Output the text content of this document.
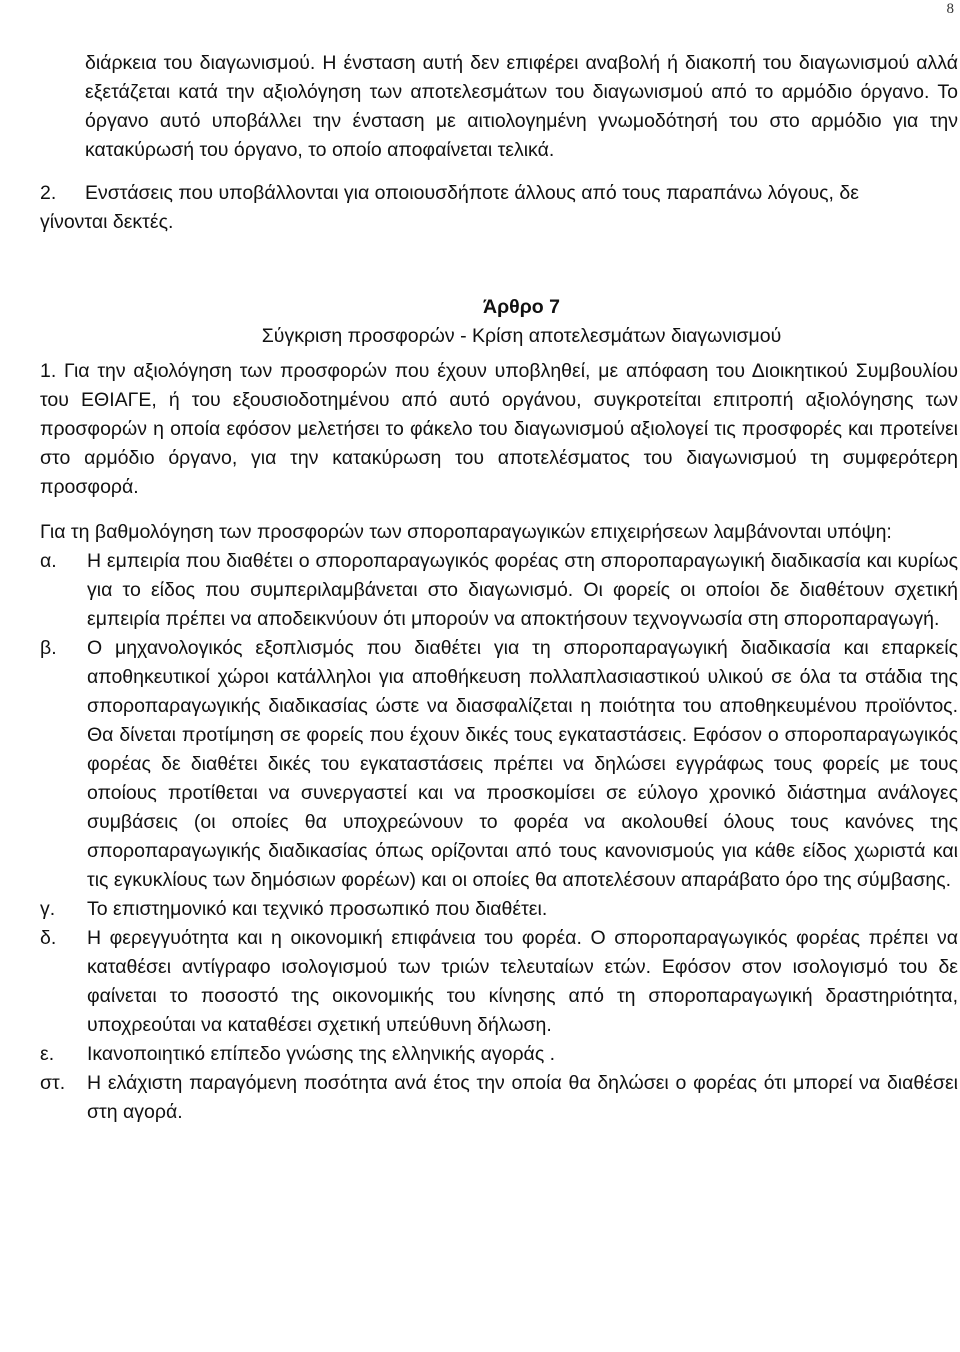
8

διάρκεια του διαγωνισμού. Η ένσταση αυτή δεν επιφέρει αναβολή ή διακοπή του διαγωνισμού αλλά εξετάζεται κατά την αξιολόγηση των αποτελεσμάτων του διαγωνισμού από το αρμόδιο όργανο. Το όργανο αυτό υποβάλλει την ένσταση με αιτιολογημένη γνωμοδότησή του στο αρμόδιο για την κατακύρωσή του όργανο, το οποίο αποφαίνεται τελικά.

2. Ενστάσεις που υποβάλλονται για οποιουσδήποτε άλλους από τους παραπάνω λόγους, δε
γίνονται δεκτές.
Άρθρο 7
Σύγκριση προσφορών - Κρίση αποτελεσμάτων διαγωνισμού
1. Για την αξιολόγηση των προσφορών που έχουν υποβληθεί, με απόφαση του Διοικητικού Συμβουλίου του ΕΘΙΑΓΕ, ή του εξουσιοδοτημένου από αυτό οργάνου, συγκροτείται επιτροπή αξιολόγησης των προσφορών η οποία εφόσον μελετήσει το φάκελο του διαγωνισμού αξιολογεί τις προσφορές και προτείνει στο αρμόδιο όργανο, για την κατακύρωση του αποτελέσματος του διαγωνισμού τη συμφερότερη προσφορά.
Για τη βαθμολόγηση των προσφορών των σποροπαραγωγικών επιχειρήσεων λαμβάνονται υπόψη:
α. Η εμπειρία που διαθέτει ο σποροπαραγωγικός φορέας στη σποροπαραγωγική διαδικασία και κυρίως για το είδος που συμπεριλαμβάνεται στο διαγωνισμό. Οι φορείς οι οποίοι δε διαθέτουν σχετική εμπειρία πρέπει να αποδεικνύουν ότι μπορούν να αποκτήσουν τεχνογνωσία στη σποροπαραγωγή.
β. Ο μηχανολογικός εξοπλισμός που διαθέτει για τη σποροπαραγωγική διαδικασία και επαρκείς αποθηκευτικοί χώροι κατάλληλοι για αποθήκευση πολλαπλασιαστικού υλικού σε όλα τα στάδια της σποροπαραγωγικής διαδικασίας ώστε να διασφαλίζεται η ποιότητα του αποθηκευμένου προϊόντος. Θα δίνεται προτίμηση σε φορείς που έχουν δικές τους εγκαταστάσεις. Εφόσον ο σποροπαραγωγικός φορέας δε διαθέτει δικές του εγκαταστάσεις πρέπει να δηλώσει εγγράφως τους φορείς με τους οποίους προτίθεται να συνεργαστεί και να προσκομίσει σε εύλογο χρονικό διάστημα ανάλογες συμβάσεις (οι οποίες θα υποχρεώνουν το φορέα να ακολουθεί όλους τους κανόνες της σποροπαραγωγικής διαδικασίας όπως ορίζονται από τους κανονισμούς για κάθε είδος χωριστά και τις εγκυκλίους των δημόσιων φορέων) και οι οποίες θα αποτελέσουν απαράβατο όρο της σύμβασης.
γ. Το επιστημονικό και τεχνικό προσωπικό που διαθέτει.
δ. Η φερεγγυότητα και η οικονομική επιφάνεια του φορέα. Ο σποροπαραγωγικός φορέας πρέπει να καταθέσει αντίγραφο ισολογισμού των τριών τελευταίων ετών. Εφόσον στον ισολογισμό του δε φαίνεται το ποσοστό της οικονομικής του κίνησης από τη σποροπαραγωγική δραστηριότητα, υποχρεούται να καταθέσει σχετική υπεύθυνη δήλωση.
ε. Ικανοποιητικό επίπεδο γνώσης της ελληνικής αγοράς .
στ. Η ελάχιστη παραγόμενη ποσότητα ανά έτος την οποία θα δηλώσει ο φορέας ότι μπορεί να διαθέσει στη αγορά.
